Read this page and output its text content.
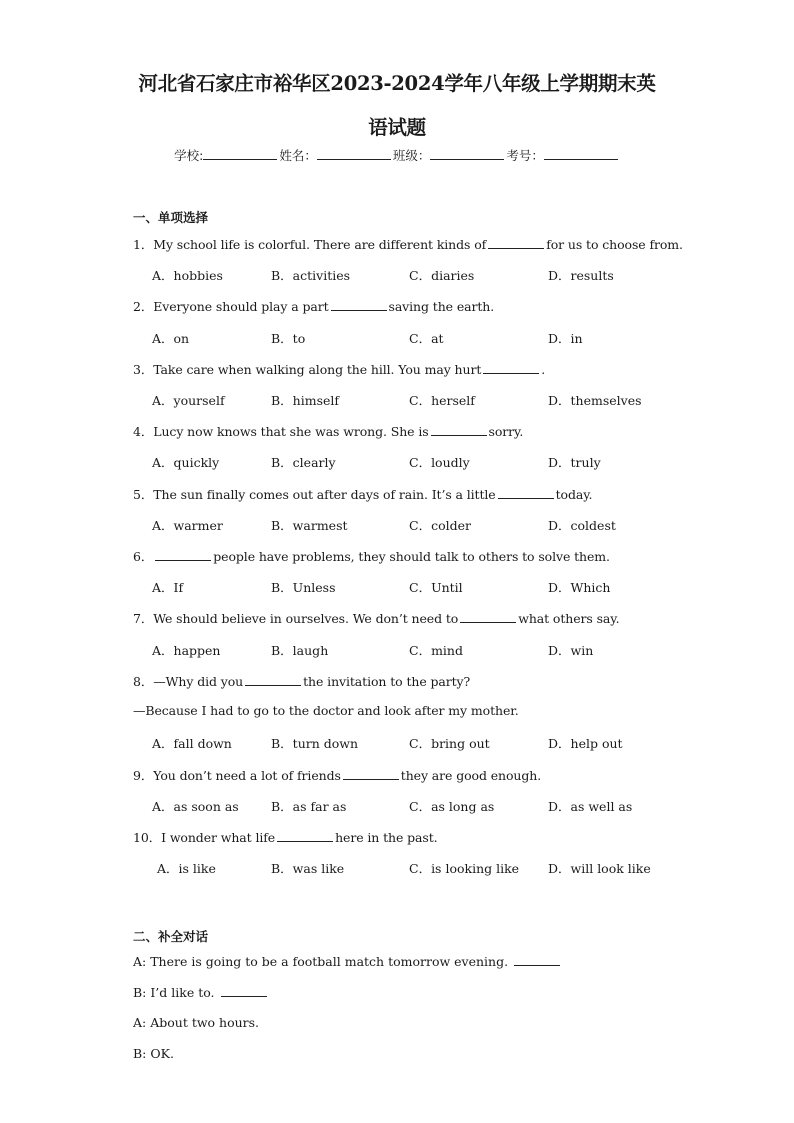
河北省石家庄市裕华区2023-2024学年八年级上学期期末英
语试题
学校:	姓名：	班级：	考号：
一、单项选择
1．My school life is colorful. There are different kinds of	for us to choose from.
A．hobbies	B．activities	C．diaries	D．results
2．Everyone should play a part	saving the earth.
A．on	B．to	C．at	D．in
3．Take care when walking along the hill. You may hurt	.
A．yourself	B．himself	C．herself	D．themselves
4．Lucy now knows that she was wrong. She is	sorry.
A．quickly	B．clearly	C．loudly	D．truly
5．The sun finally comes out after days of rain. It’s a little	today.
A．warmer	B．warmest	C．colder	D．coldest
6．	people have problems, they should talk to others to solve them.
A．If	B．Unless	C．Until	D．Which
7．We should believe in ourselves. We don’t need to	what others say.
A．happen	B．laugh	C．mind	D．win
8．—Why did you	the invitation to the party?
—Because I had to go to the doctor and look after my mother.
A．fall down	B．turn down	C．bring out	D．help out
9．You don’t need a lot of friends	they are good enough.
A．as soon as	B．as far as	C．as long as	D．as well as
10．I wonder what life	here in the past.
A．is like	B．was like	C．is looking like D．will look like
二、补全对话
A: There is going to be a football match tomorrow evening.
B: I’d like to.
A: About two hours.
B: OK.
